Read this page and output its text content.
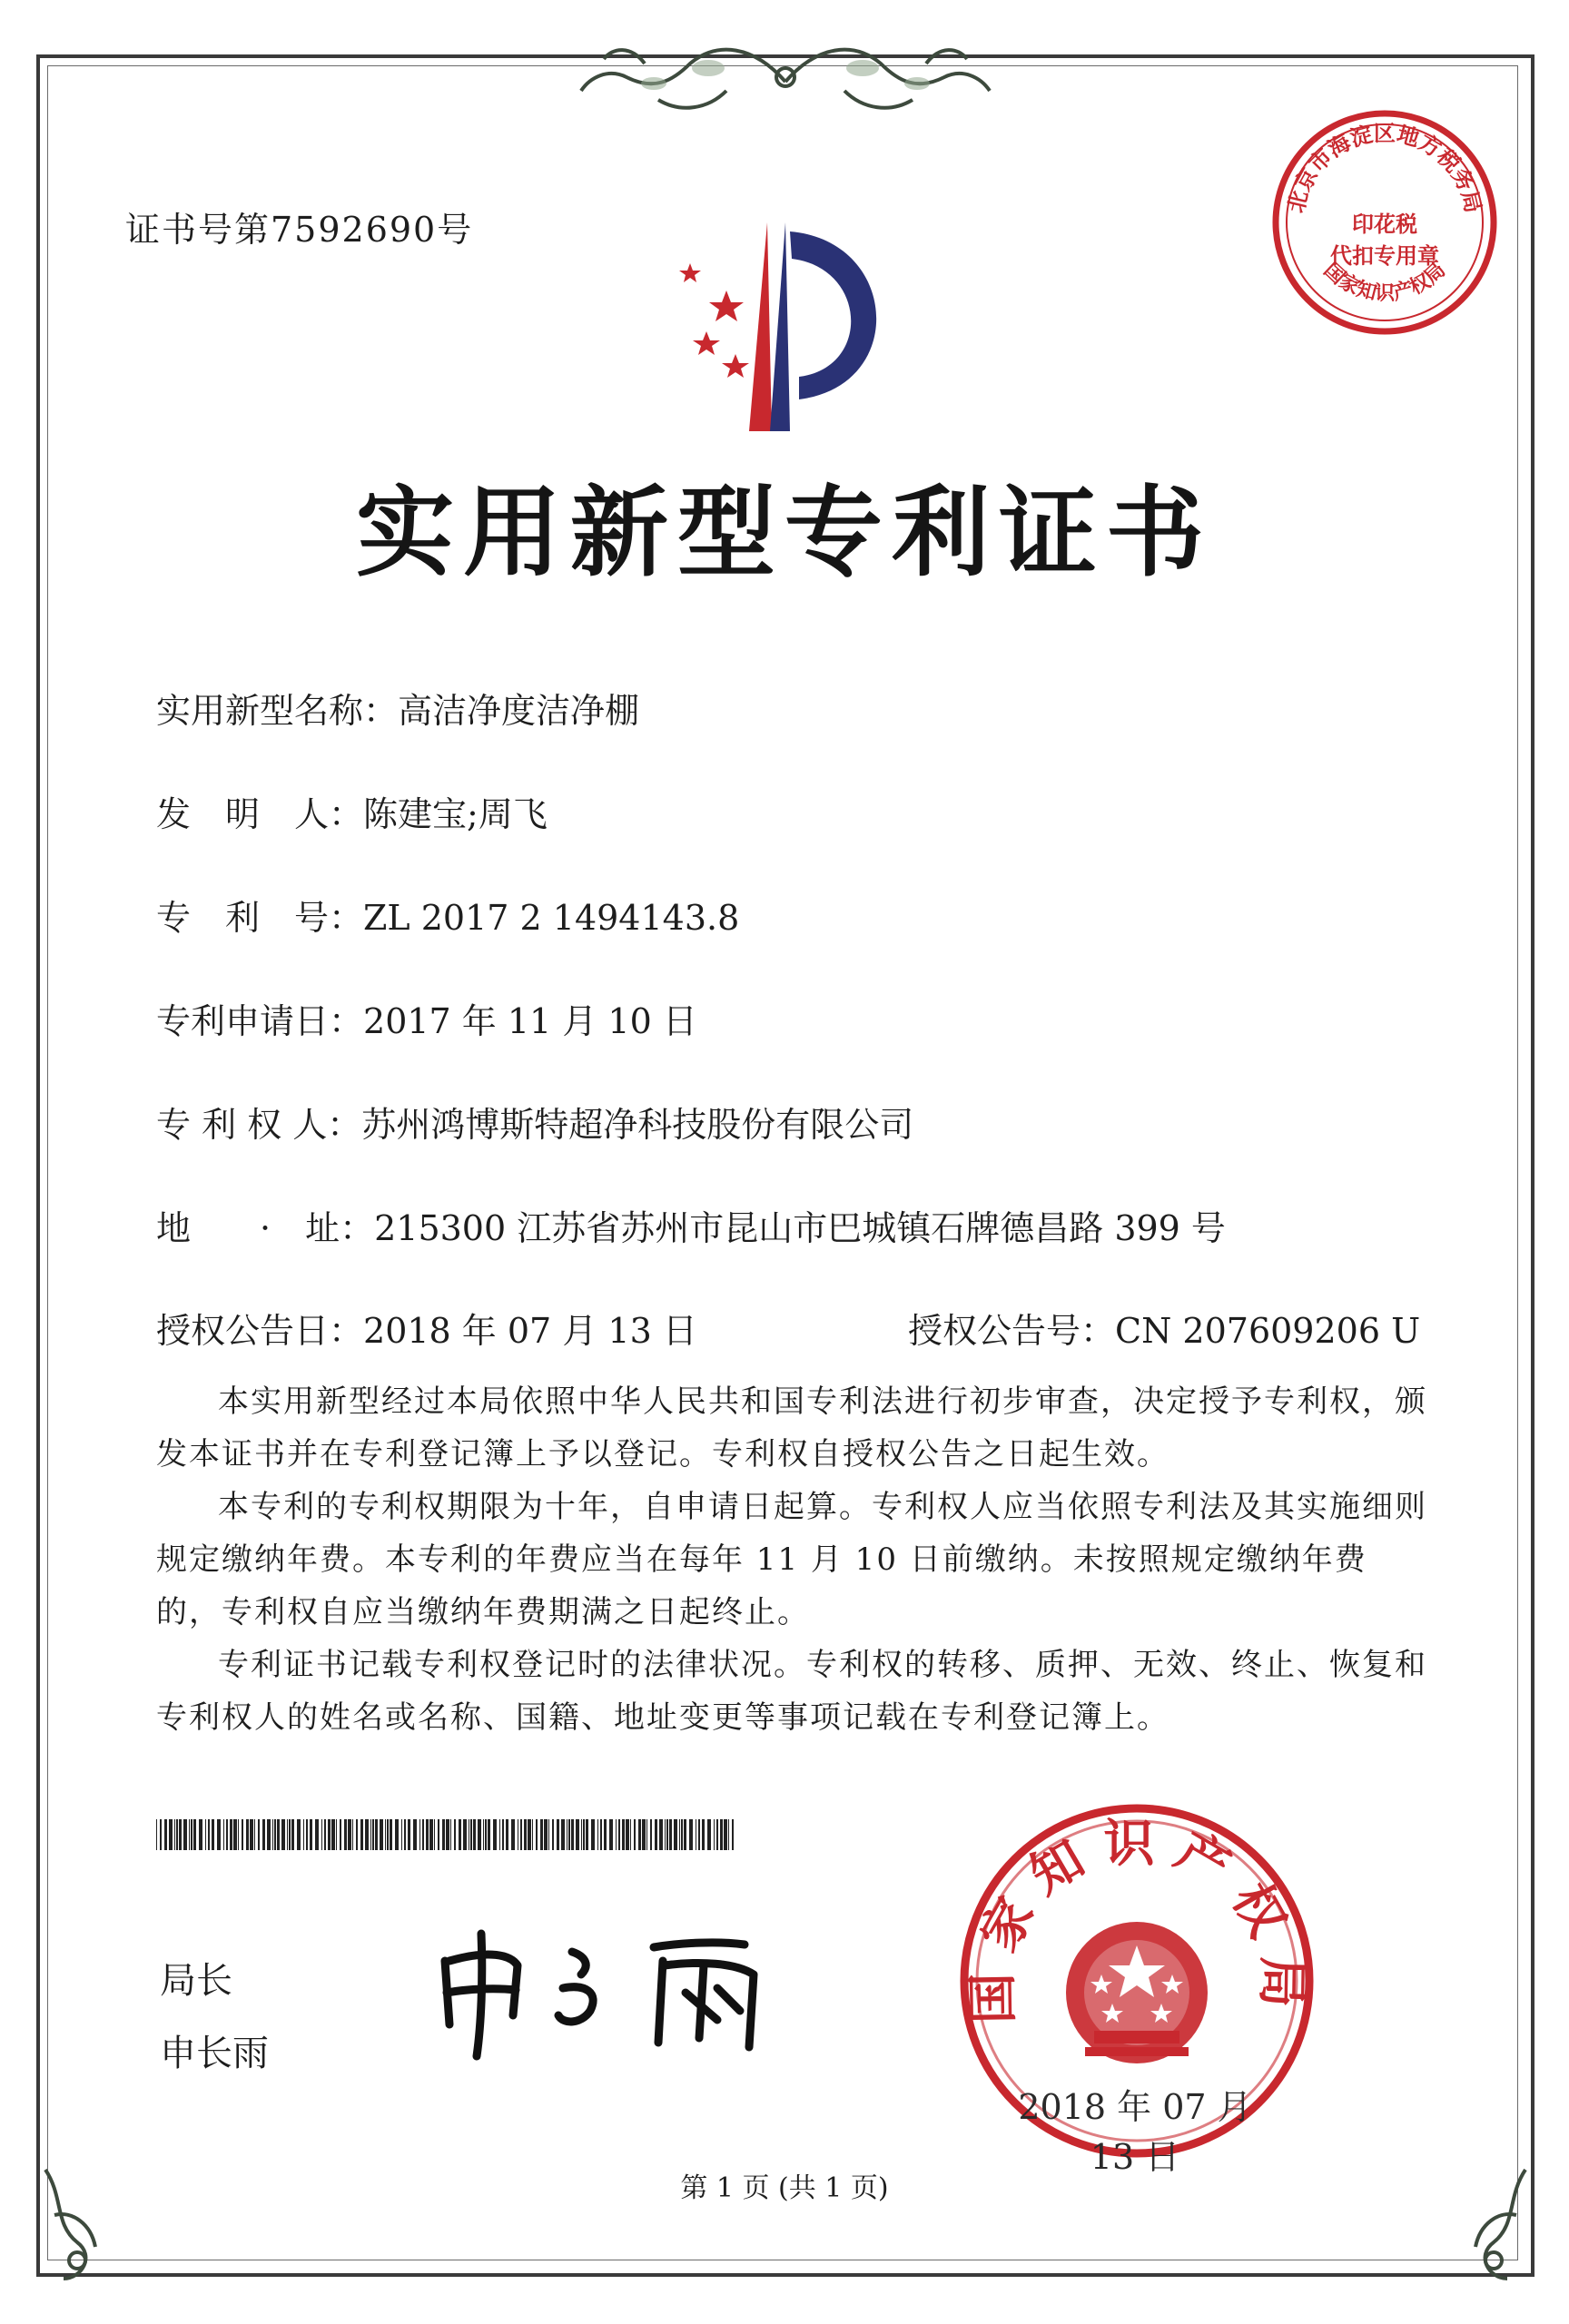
证书号第7592690号
北京市海淀区地方税务局
国家知识产权局
印花税
代扣专用章
实用新型专利证书
实用新型名称：高洁净度洁净棚
发　明　人：陈建宝;周飞
专　利　号：ZL 2017 2 1494143.8
专利申请日：2017 年 11 月 10 日
专 利 权 人：苏州鸿博斯特超净科技股份有限公司
地　　·　址：215300 江苏省苏州市昆山市巴城镇石牌德昌路 399 号
授权公告日：2018 年 07 月 13 日	授权公告号：CN 207609206 U

本实用新型经过本局依照中华人民共和国专利法进行初步审查，决定授予专利权，颁发本证书并在专利登记簿上予以登记。专利权自授权公告之日起生效。

本专利的专利权期限为十年，自申请日起算。专利权人应当依照专利法及其实施细则规定缴纳年费。本专利的年费应当在每年 11 月 10 日前缴纳。未按照规定缴纳年费的，专利权自应当缴纳年费期满之日起终止。

专利证书记载专利权登记时的法律状况。专利权的转移、质押、无效、终止、恢复和专利权人的姓名或名称、国籍、地址变更等事项记载在专利登记簿上。

局长
申长雨
国家知识产权局
2018 年 07 月 13 日
第 1 页 (共 1 页)
